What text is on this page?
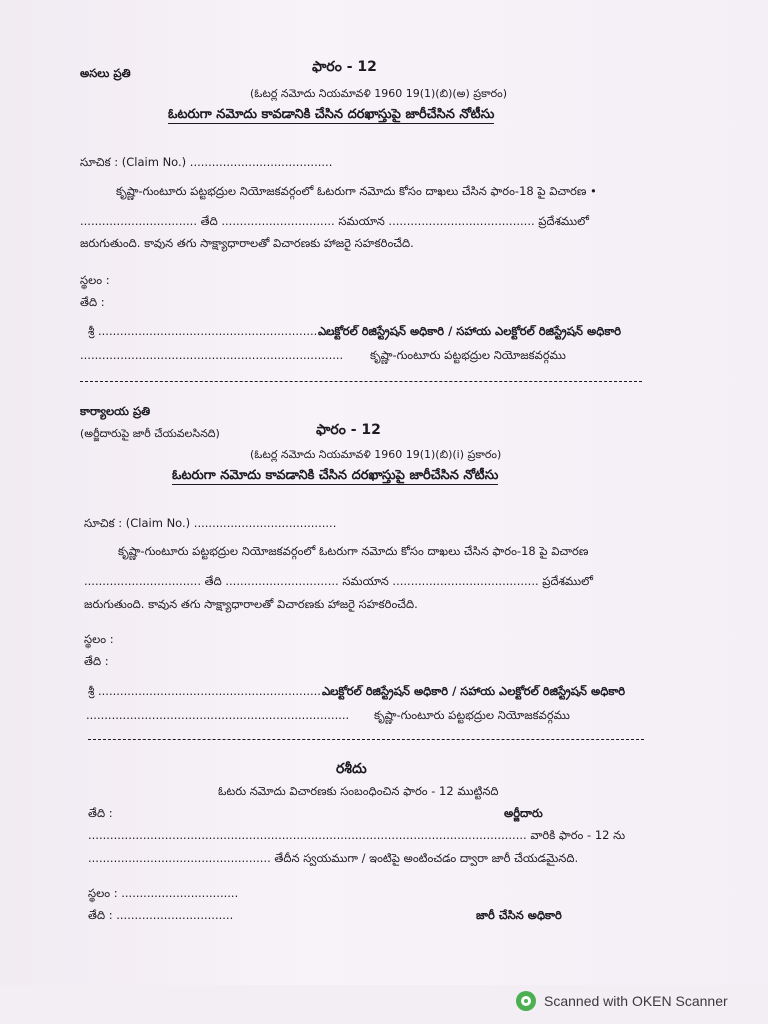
అసలు ప్రతి	ఫారం - 12
(ఓటర్ల నమోదు నియమావళి 1960 19(1)(బి)(అ) ప్రకారం)
ఓటరుగా నమోదు కావడానికి చేసిన దరఖాస్తుపై జారీచేసిన నోటీసు
సూచిక : (Claim No.) .......................................
కృష్ణా-గుంటూరు పట్టభద్రుల నియోజకవర్గంలో ఓటరుగా నమోదు కోసం దాఖలు చేసిన ఫారం-18 పై విచారణ •
................................ తేది ............................... సమయాన ........................................ ప్రదేశములో
జరుగుతుంది. కావున తగు సాక్ష్యాధారాలతో విచారణకు హాజరై సహకరించేది.
స్థలం :
తేది :
శ్రీ ..................................................................
........................................................................
ఎలక్టోరల్ రిజిస్ట్రేషన్ అధికారి / సహాయ ఎలక్టోరల్ రిజిస్ట్రేషన్ అధికారి
కృష్ణా-గుంటూరు పట్టభద్రుల నియోజకవర్గము
కార్యాలయ ప్రతి
(అర్జీదారుపై జారీ చేయవలసినది)	ఫారం - 12
(ఓటర్ల నమోదు నియమావళి 1960 19(1)(బి)(i) ప్రకారం)
ఓటరుగా నమోదు కావడానికి చేసిన దరఖాస్తుపై జారీచేసిన నోటీసు
సూచిక : (Claim No.) .......................................
కృష్ణా-గుంటూరు పట్టభద్రుల నియోజకవర్గంలో ఓటరుగా నమోదు కోసం దాఖలు చేసిన ఫారం-18 పై విచారణ
................................ తేది ............................... సమయాన ........................................ ప్రదేశములో
జరుగుతుంది. కావున తగు సాక్ష్యాధారాలతో విచారణకు హాజరై సహకరించేది.
స్థలం :
తేది :
శ్రీ ..................................................................
........................................................................
ఎలక్టోరల్ రిజిస్ట్రేషన్ అధికారి / సహాయ ఎలక్టోరల్ రిజిస్ట్రేషన్ అధికారి
కృష్ణా-గుంటూరు పట్టభద్రుల నియోజకవర్గము
రశీదు
ఓటరు నమోదు విచారణకు సంబంధించిన ఫారం - 12 ముట్టినది
తేది :	అర్జీదారు
........................................................................................................................ వారికి ఫారం - 12 ను
.................................................. తేదీన స్వయముగా / ఇంటిపై అంటించడం ద్వారా జారీ చేయడమైనది.
స్థలం : ................................
తేది : ................................	జారీ చేసిన అధికారి
Scanned with OKEN Scanner
